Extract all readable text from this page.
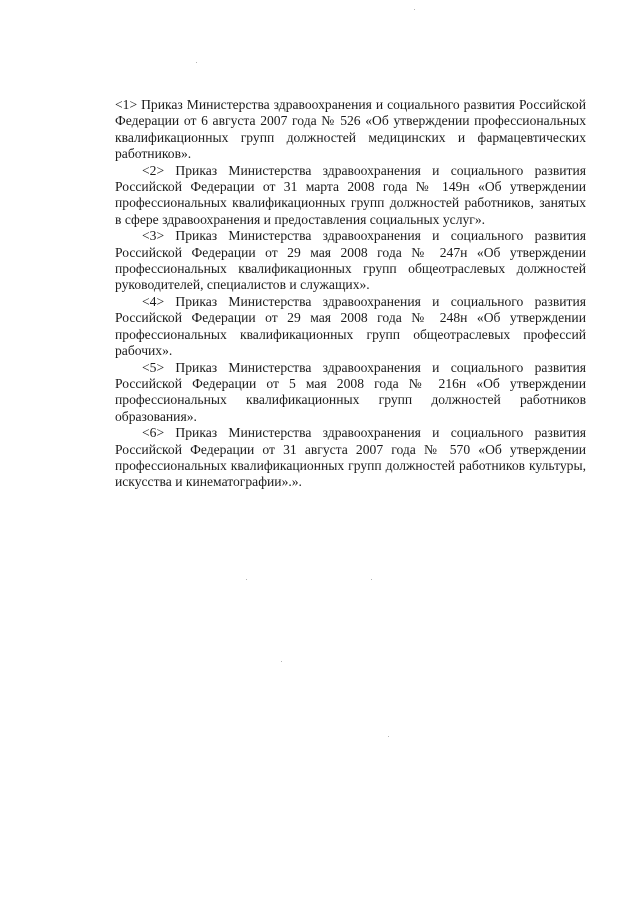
<1> Приказ Министерства здравоохранения и социального развития Российской Федерации от 6 августа 2007 года № 526 «Об утверждении профессиональных квалификационных групп должностей медицинских и фармацевтических работников».

<2> Приказ Министерства здравоохранения и социального развития Российской Федерации от 31 марта 2008 года № 149н «Об утверждении профессиональных квалификационных групп должностей работников, занятых в сфере здравоохранения и предоставления социальных услуг».

<3> Приказ Министерства здравоохранения и социального развития Российской Федерации от 29 мая 2008 года № 247н «Об утверждении профессиональных квалификационных групп общеотраслевых должностей руководителей, специалистов и служащих».

<4> Приказ Министерства здравоохранения и социального развития Российской Федерации от 29 мая 2008 года № 248н «Об утверждении профессиональных квалификационных групп общеотраслевых профессий рабочих».

<5> Приказ Министерства здравоохранения и социального развития Российской Федерации от 5 мая 2008 года № 216н «Об утверждении профессиональных квалификационных групп должностей работников образования».

<6> Приказ Министерства здравоохранения и социального развития Российской Федерации от 31 августа 2007 года № 570 «Об утверждении профессиональных квалификационных групп должностей работников культуры, искусства и кинематографии».».
